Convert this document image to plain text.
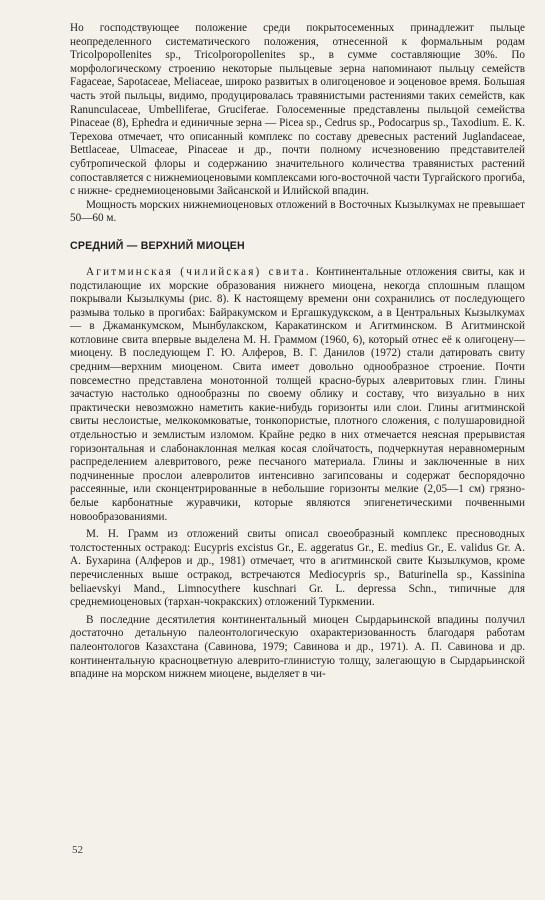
Но господствующее положение среди покрытосеменных принадлежит пыльце неопределенного систематического положения, отнесенной к формальным родам Tricolpopollenites sp., Tricolporopollenites sp., в сумме составляющие 30%. По морфологическому строению некоторые пыльцевые зерна напоминают пыльцу семейств Fagaceae, Sapotaceae, Meliaceae, широко развитых в олигоценовое и эоценовое время. Большая часть этой пыльцы, видимо, продуцировалась травянистыми растениями таких семейств, как Ranunculaceae, Umbelliferae, Gruciferae. Голосеменные представлены пыльцой семейства Pinaceae (8), Ephedra и единичные зерна — Picea sp., Cedrus sp., Podocarpus sp., Taxodium. Е. К. Терехова отмечает, что описанный комплекс по составу древесных растений Juglandaceae, Bettlaceae, Ulmaceae, Pinaceae и др., почти полному исчезновению представителей субтропической флоры и содержанию значительного количества травянистых растений сопоставляется с нижнемиоценовыми комплексами юго-восточной части Тургайского прогиба, с нижне- среднемиоценовыми Зайсанской и Илийской впадин.

Мощность морских нижнемиоценовых отложений в Восточных Кызылкумах не превышает 50—60 м.

СРЕДНИЙ — ВЕРХНИЙ МИОЦЕН

Агитминская (чилийская) свита. Континентальные отложения свиты, как и подстилающие их морские образования нижнего миоцена, некогда сплошным плащом покрывали Кызылкумы (рис. 8). К настоящему времени они сохранились от последующего размыва только в прогибах: Байракумском и Ергашкудукском, а в Центральных Кызылкумах — в Джаманкумском, Мынбулакском, Каракатинском и Агитминском. В Агитминской котловине свита впервые выделена М. Н. Граммом (1960, 6), который отнес её к олигоцену—миоцену. В последующем Г. Ю. Алферов, В. Г. Данилов (1972) стали датировать свиту средним—верхним миоценом. Свита имеет довольно однообразное строение. Почти повсеместно представлена монотонной толщей красно-бурых алевритовых глин. Глины зачастую настолько однообразны по своему облику и составу, что визуально в них практически невозможно наметить какие-нибудь горизонты или слои. Глины агитминской свиты неслоистые, мелкокомковатые, тонкопористые, плотного сложения, с полушаровидной отдельностью и землистым изломом. Крайне редко в них отмечается неясная прерывистая горизонтальная и слабонаклонная мелкая косая слойчатость, подчеркнутая неравномерным распределением алевритового, реже песчаного материала. Глины и заключенные в них подчиненные прослои алевролитов интенсивно загипсованы и содержат беспорядочно рассеянные, или сконцентрированные в небольшие горизонты мелкие (2,05—1 см) грязно-белые карбонатные журавчики, которые являются эпигенетическими почвенными новообразованиями.

М. Н. Грамм из отложений свиты описал своеобразный комплекс пресноводных толстостенных остракод: Eucypris excistus Gr., E. aggeratus Gr., E. medius Gr., E. validus Gr. А. А. Бухарина (Алферов и др., 1981) отмечает, что в агитминской свите Кызылкумов, кроме перечисленных выше остракод, встречаются Mediocypris sp., Baturinella sp., Kassinina beliaevskyi Mand., Limnocythere kuschnari Gr. L. depressa Schn., типичные для среднемиоценовых (тархан-чокракских) отложений Туркмении.

В последние десятилетия континентальный миоцен Сырдарьинской впадины получил достаточно детальную палеонтологическую охарактеризованность благодаря работам палеонтологов Казахстана (Савинова, 1979; Савинова и др., 1971). А. П. Савинова и др. континентальную красноцветную алеврито-глинистую толщу, залегающую в Сырдарьинской впадине на морском нижнем миоцене, выделяет в чи-

52
